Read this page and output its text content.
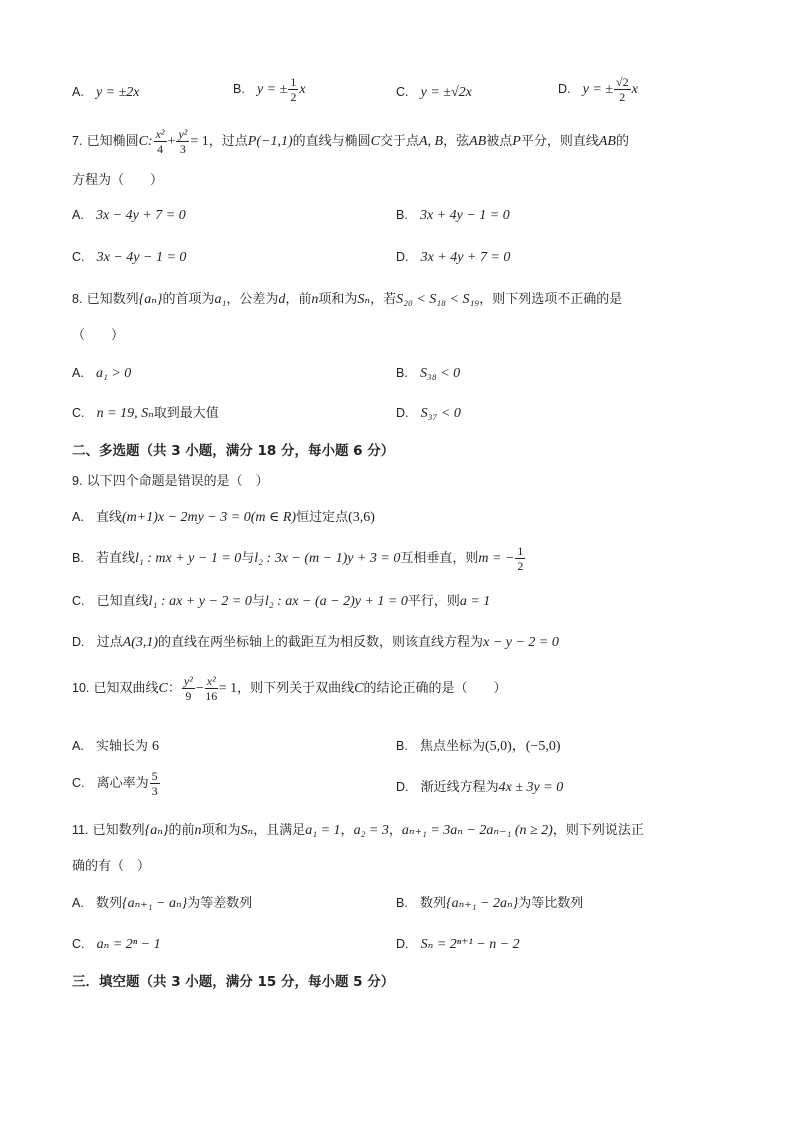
A. y = ±2x	B. y = ± $\frac{1}{2}$ x	C. y = ±√2x	D. y = ± $\frac{√2}{2}$ x
7. 已知椭圆C: $\frac{\text{x²}}{4} + \frac{\text{y²}}{3} = 1$，过点P(−1,1)的直线与椭圆C交于点A, B，弦AB被点P平分，则直线AB的
方程为（　　）
A. 3x − 4y + 7 = 0	B. 3x + 4y − 1 = 0
C. 3x − 4y − 1 = 0	D. 3x + 4y + 7 = 0
8. 已知数列{aₙ}的首项为a₁，公差为d，前n项和为Sₙ，若S₂₀ < S₁₈ < S₁₉，则下列选项不正确的是
（　　）
A. a₁ > 0	B. S₃₈ < 0
C. n = 19, Sₙ取到最大值	D. S₃₇ < 0
二、多选题（共 3 小题，满分 18 分，每小题 6 分）
9. 以下四个命题是错误的是（　）
A. 直线(m+1)x − 2my − 3 = 0(m ∈ R)恒过定点(3,6)
B. 若直线l₁ : mx + y − 1 = 0与l₂ : 3x − (m − 1)y + 3 = 0互相垂直，则m = − $\frac{1}{2}$
C. 已知直线l₁ : ax + y − 2 = 0与l₂ : ax − (a − 2)y + 1 = 0平行，则a = 1
D. 过点A(3,1)的直线在两坐标轴上的截距互为相反数，则该直线方程为x − y − 2 = 0
10. 已知双曲线C： $\frac{\text{y²}}{9} - \frac{\text{x²}}{16} = 1$，则下列关于双曲线C的结论正确的是（　　）
A. 实轴长为 6	B. 焦点坐标为(5,0)，(−5,0)
C. 离心率为 $\frac{5}{3}$	D. 渐近线方程为4x ± 3y = 0
11. 已知数列{aₙ}的前n项和为Sₙ，且满足a₁ = 1，a₂ = 3，aₙ₊₁ = 3aₙ − 2aₙ₋₁ (n ≥ 2)，则下列说法正
确的有（　）
A. 数列{aₙ₊₁ − aₙ}为等差数列	B. 数列{aₙ₊₁ − 2aₙ}为等比数列
C. aₙ = 2ⁿ − 1	D. Sₙ = 2ⁿ⁺¹ − n − 2
三．填空题（共 3 小题，满分 15 分，每小题 5 分）
